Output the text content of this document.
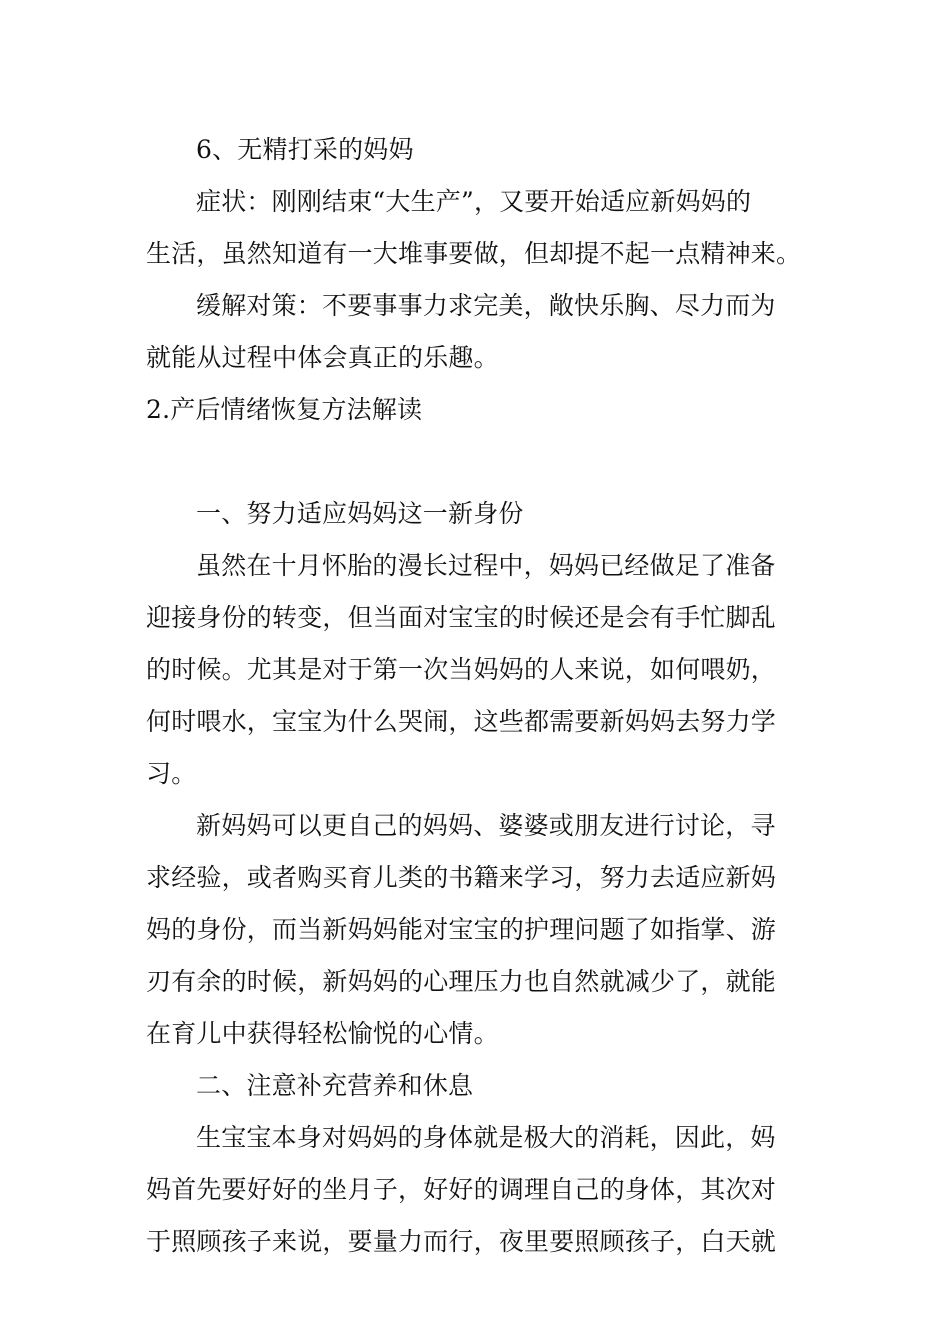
6、无精打采的妈妈
症状：刚刚结束“大生产”，又要开始适应新妈妈的
生活，虽然知道有一大堆事要做，但却提不起一点精神来。
缓解对策：不要事事力求完美，敞快乐胸、尽力而为
就能从过程中体会真正的乐趣。
2.产后情绪恢复方法解读
一、努力适应妈妈这一新身份
虽然在十月怀胎的漫长过程中，妈妈已经做足了准备
迎接身份的转变，但当面对宝宝的时候还是会有手忙脚乱
的时候。尤其是对于第一次当妈妈的人来说，如何喂奶，
何时喂水，宝宝为什么哭闹，这些都需要新妈妈去努力学
习。
新妈妈可以更自己的妈妈、婆婆或朋友进行讨论，寻
求经验，或者购买育儿类的书籍来学习，努力去适应新妈
妈的身份，而当新妈妈能对宝宝的护理问题了如指掌、游
刃有余的时候，新妈妈的心理压力也自然就减少了，就能
在育儿中获得轻松愉悦的心情。
二、注意补充营养和休息
生宝宝本身对妈妈的身体就是极大的消耗，因此，妈
妈首先要好好的坐月子，好好的调理自己的身体，其次对
于照顾孩子来说，要量力而行，夜里要照顾孩子，白天就
